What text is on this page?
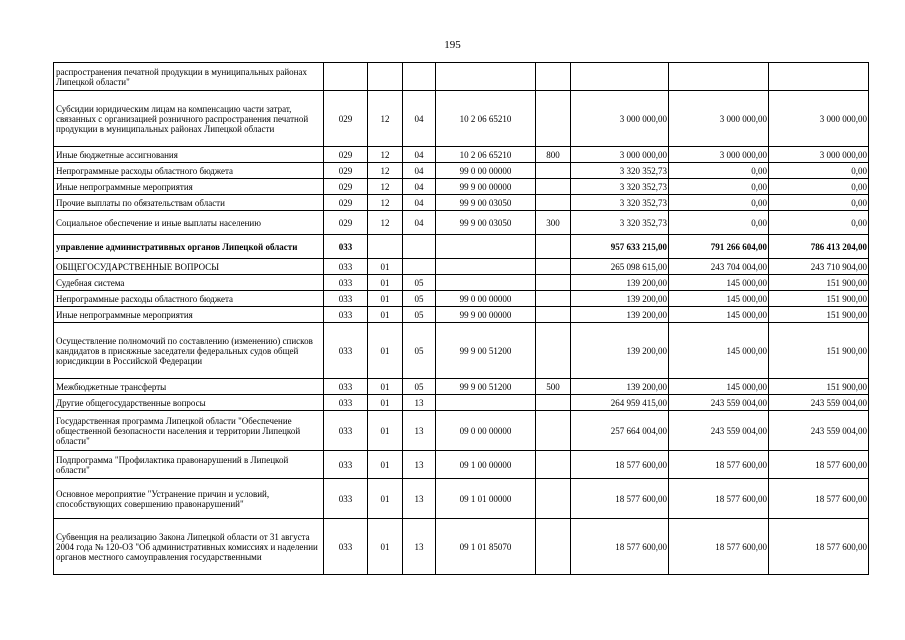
195
распространения печатной продукции в муниципальных районах Липецкой области"								
Субсидии юридическим лицам на компенсацию части затрат, связанных с организацией розничного распространения печатной продукции в муниципальных районах Липецкой области	029	12	04	10 2 06 65210		3 000 000,00	3 000 000,00	3 000 000,00
Иные бюджетные ассигнования	029	12	04	10 2 06 65210	800	3 000 000,00	3 000 000,00	3 000 000,00
Непрограммные расходы областного бюджета	029	12	04	99 0 00 00000		3 320 352,73	0,00	0,00
Иные непрограммные мероприятия	029	12	04	99 9 00 00000		3 320 352,73	0,00	0,00
Прочие выплаты по обязательствам области	029	12	04	99 9 00 03050		3 320 352,73	0,00	0,00
Социальное обеспечение и иные выплаты населению	029	12	04	99 9 00 03050	300	3 320 352,73	0,00	0,00
управление административных органов Липецкой области	033					957 633 215,00	791 266 604,00	786 413 204,00
ОБЩЕГОСУДАРСТВЕННЫЕ ВОПРОСЫ	033	01				265 098 615,00	243 704 004,00	243 710 904,00
Судебная система	033	01	05			139 200,00	145 000,00	151 900,00
Непрограммные расходы областного бюджета	033	01	05	99 0 00 00000		139 200,00	145 000,00	151 900,00
Иные непрограммные мероприятия	033	01	05	99 9 00 00000		139 200,00	145 000,00	151 900,00
Осуществление полномочий по составлению (изменению) списков кандидатов в присяжные заседатели федеральных судов общей юрисдикции в Российской Федерации	033	01	05	99 9 00 51200		139 200,00	145 000,00	151 900,00
Межбюджетные трансферты	033	01	05	99 9 00 51200	500	139 200,00	145 000,00	151 900,00
Другие общегосударственные вопросы	033	01	13			264 959 415,00	243 559 004,00	243 559 004,00
Государственная программа Липецкой области "Обеспечение общественной безопасности населения и территории Липецкой области"	033	01	13	09 0 00 00000		257 664 004,00	243 559 004,00	243 559 004,00
Подпрограмма "Профилактика правонарушений в Липецкой области"	033	01	13	09 1 00 00000		18 577 600,00	18 577 600,00	18 577 600,00
Основное мероприятие "Устранение причин и условий, способствующих совершению правонарушений"	033	01	13	09 1 01 00000		18 577 600,00	18 577 600,00	18 577 600,00
Субвенция на реализацию Закона Липецкой области от 31 августа 2004 года № 120-ОЗ "Об административных комиссиях и наделении органов местного самоуправления государственными	033	01	13	09 1 01 85070		18 577 600,00	18 577 600,00	18 577 600,00
